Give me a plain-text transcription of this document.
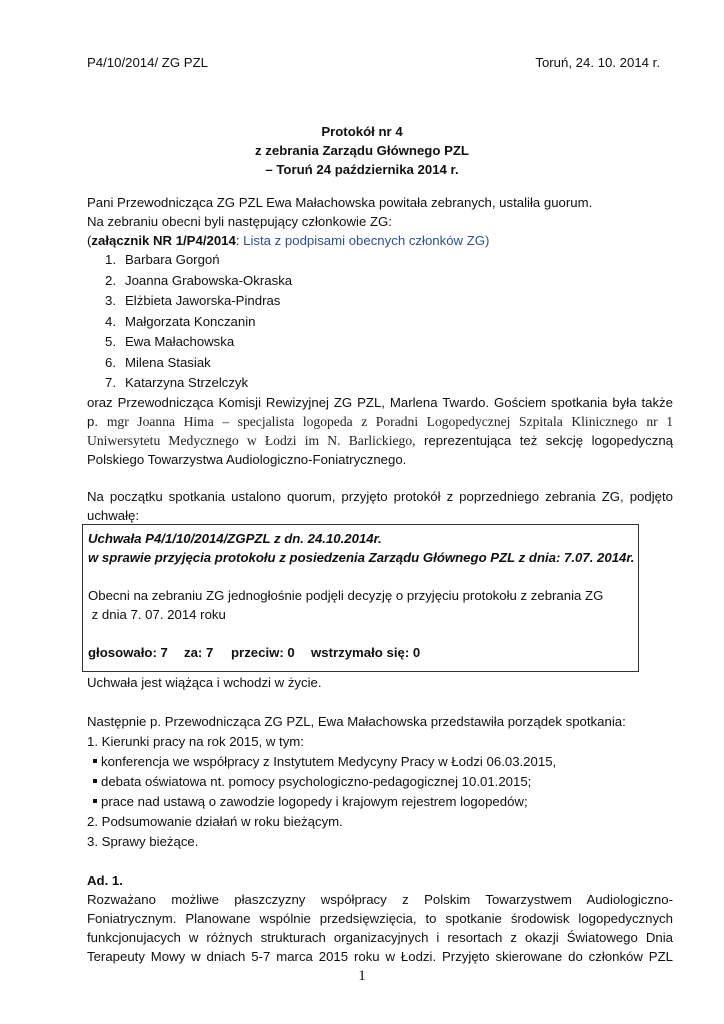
P4/10/2014/ ZG PZL	Toruń, 24. 10. 2014 r.
Protokół nr 4
z zebrania Zarządu Głównego PZL
– Toruń 24 października 2014 r.
Pani Przewodnicząca ZG PZL Ewa Małachowska powitała zebranych, ustaliła guorum.
Na zebraniu obecni byli następujący członkowie ZG:
(załącznik NR 1/P4/2014: Lista z podpisami obecnych członków ZG)
1. Barbara Gorgoń
2. Joanna Grabowska-Okraska
3. Elżbieta Jaworska-Pindras
4. Małgorzata Konczanin
5. Ewa Małachowska
6. Milena Stasiak
7. Katarzyna Strzelczyk
oraz Przewodnicząca Komisji Rewizyjnej ZG PZL, Marlena Twardo. Gościem spotkania była także
p. mgr Joanna Hima – specjalista logopeda z Poradni Logopedycznej Szpitala Klinicznego nr 1
Uniwersytetu Medycznego w Łodzi im N. Barlickiego, reprezentująca też sekcję logopedyczną
Polskiego Towarzystwa Audiologiczno-Foniatrycznego.
Na początku spotkania ustalono quorum, przyjęto protokół z poprzedniego zebrania ZG, podjęto
uchwałę:
Uchwała P4/1/10/2014/ZGPZL z dn. 24.10.2014r.
w sprawie przyjęcia protokołu z posiedzenia Zarządu Głównego PZL z dnia: 7.07. 2014r.
Obecni na zebraniu ZG jednogłośnie podjęli decyzję o przyjęciu protokołu z zebrania ZG
z dnia 7. 07. 2014 roku
głosowało: 7 za: 7 przeciw: 0 wstrzymało się: 0
Uchwała jest wiążąca i wchodzi w życie.
Następnie p. Przewodnicząca ZG PZL, Ewa Małachowska przedstawiła porządek spotkania:
1. Kierunki pracy na rok 2015, w tym:
konferencja we współpracy z Instytutem Medycyny Pracy w Łodzi 06.03.2015,
debata oświatowa nt. pomocy psychologiczno-pedagogicznej 10.01.2015;
prace nad ustawą o zawodzie logopedy i krajowym rejestrem logopedów;
2. Podsumowanie działań w roku bieżącym.
3. Sprawy bieżące.
Ad. 1.
Rozważano możliwe płaszczyzny współpracy z Polskim Towarzystwem Audiologiczno-
Foniatrycznym. Planowane wspólnie przedsięwzięcia, to spotkanie środowisk logopedycznych
funkcjonujacych w różnych strukturach organizacyjnych i resortach z okazji Światowego Dnia
Terapeuty Mowy w dniach 5-7 marca 2015 roku w Łodzi. Przyjęto skierowane do członków PZL
1
